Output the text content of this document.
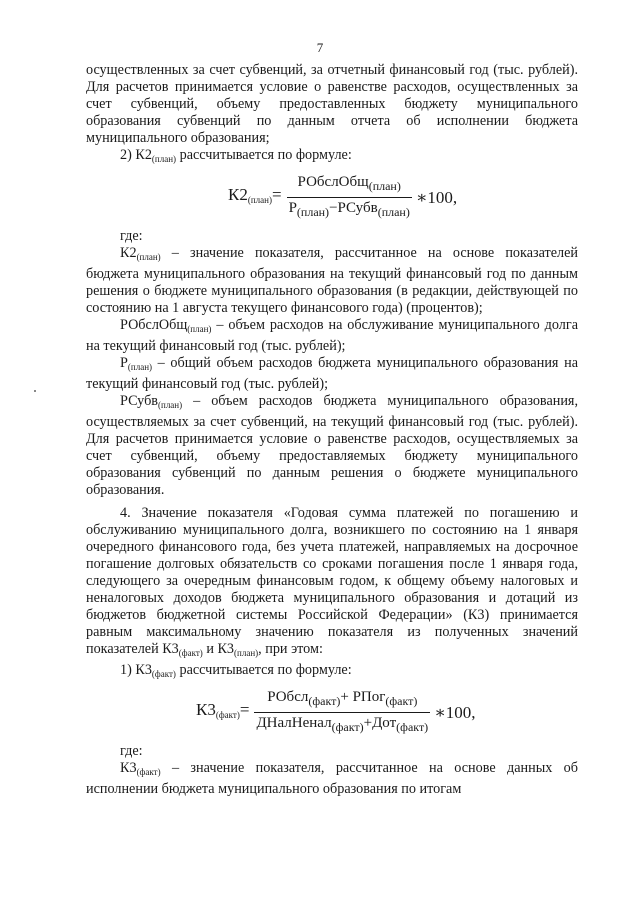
7

осуществленных за счет субвенций, за отчетный финансовый год (тыс. рублей). Для расчетов принимается условие о равенстве расходов, осуществленных за счет субвенций, объему предоставленных бюджету муниципального образования субвенций по данным отчета об исполнении бюджета муниципального образования;

2) $К2_{(план)}$ рассчитывается по формуле:

$К2_{(план)}= \frac{РОбслОбщ_{(план)}}{Р_{(план)}-РСубв_{(план)}}$ ∗100,

где:

$К2_{(план)}$ – значение показателя, рассчитанное на основе показателей бюджета муниципального образования на текущий финансовый год по данным решения о бюджете муниципального образования (в редакции, действующей по состоянию на 1 августа текущего финансового года) (процентов);

РОбслОбщ$_{(план)}$ – объем расходов на обслуживание муниципального долга на текущий финансовый год (тыс. рублей);

$Р_{(план)}$ – общий объем расходов бюджета муниципального образования на текущий финансовый год (тыс. рублей);

РСубв$_{(план)}$ – объем расходов бюджета муниципального образования, осуществляемых за счет субвенций, на текущий финансовый год (тыс. рублей). Для расчетов принимается условие о равенстве расходов, осуществляемых за счет субвенций, объему предоставляемых бюджету муниципального образования субвенций по данным решения о бюджете муниципального образования.

4. Значение показателя «Годовая сумма платежей по погашению и обслуживанию муниципального долга, возникшего по состоянию на 1 января очередного финансового года, без учета платежей, направляемых на досрочное погашение долговых обязательств со сроками погашения после 1 января года, следующего за очередным финансовым годом, к общему объему налоговых и неналоговых доходов бюджета муниципального образования и дотаций из бюджетов бюджетной системы Российской Федерации» (К3) принимается равным максимальному значению показателя из полученных значений показателей $К3_{(факт)}$ и $К3_{(план)}$, при этом:

1) $К3_{(факт)}$ рассчитывается по формуле:

$К3_{(факт)}= \frac{РОбсл_{(факт)}+ РПог_{(факт)}}{ДНалНенал_{(факт)}+Дот_{(факт)}}$ ∗100,

где:

$К3_{(факт)}$ – значение показателя, рассчитанное на основе данных об исполнении бюджета муниципального образования по итогам
